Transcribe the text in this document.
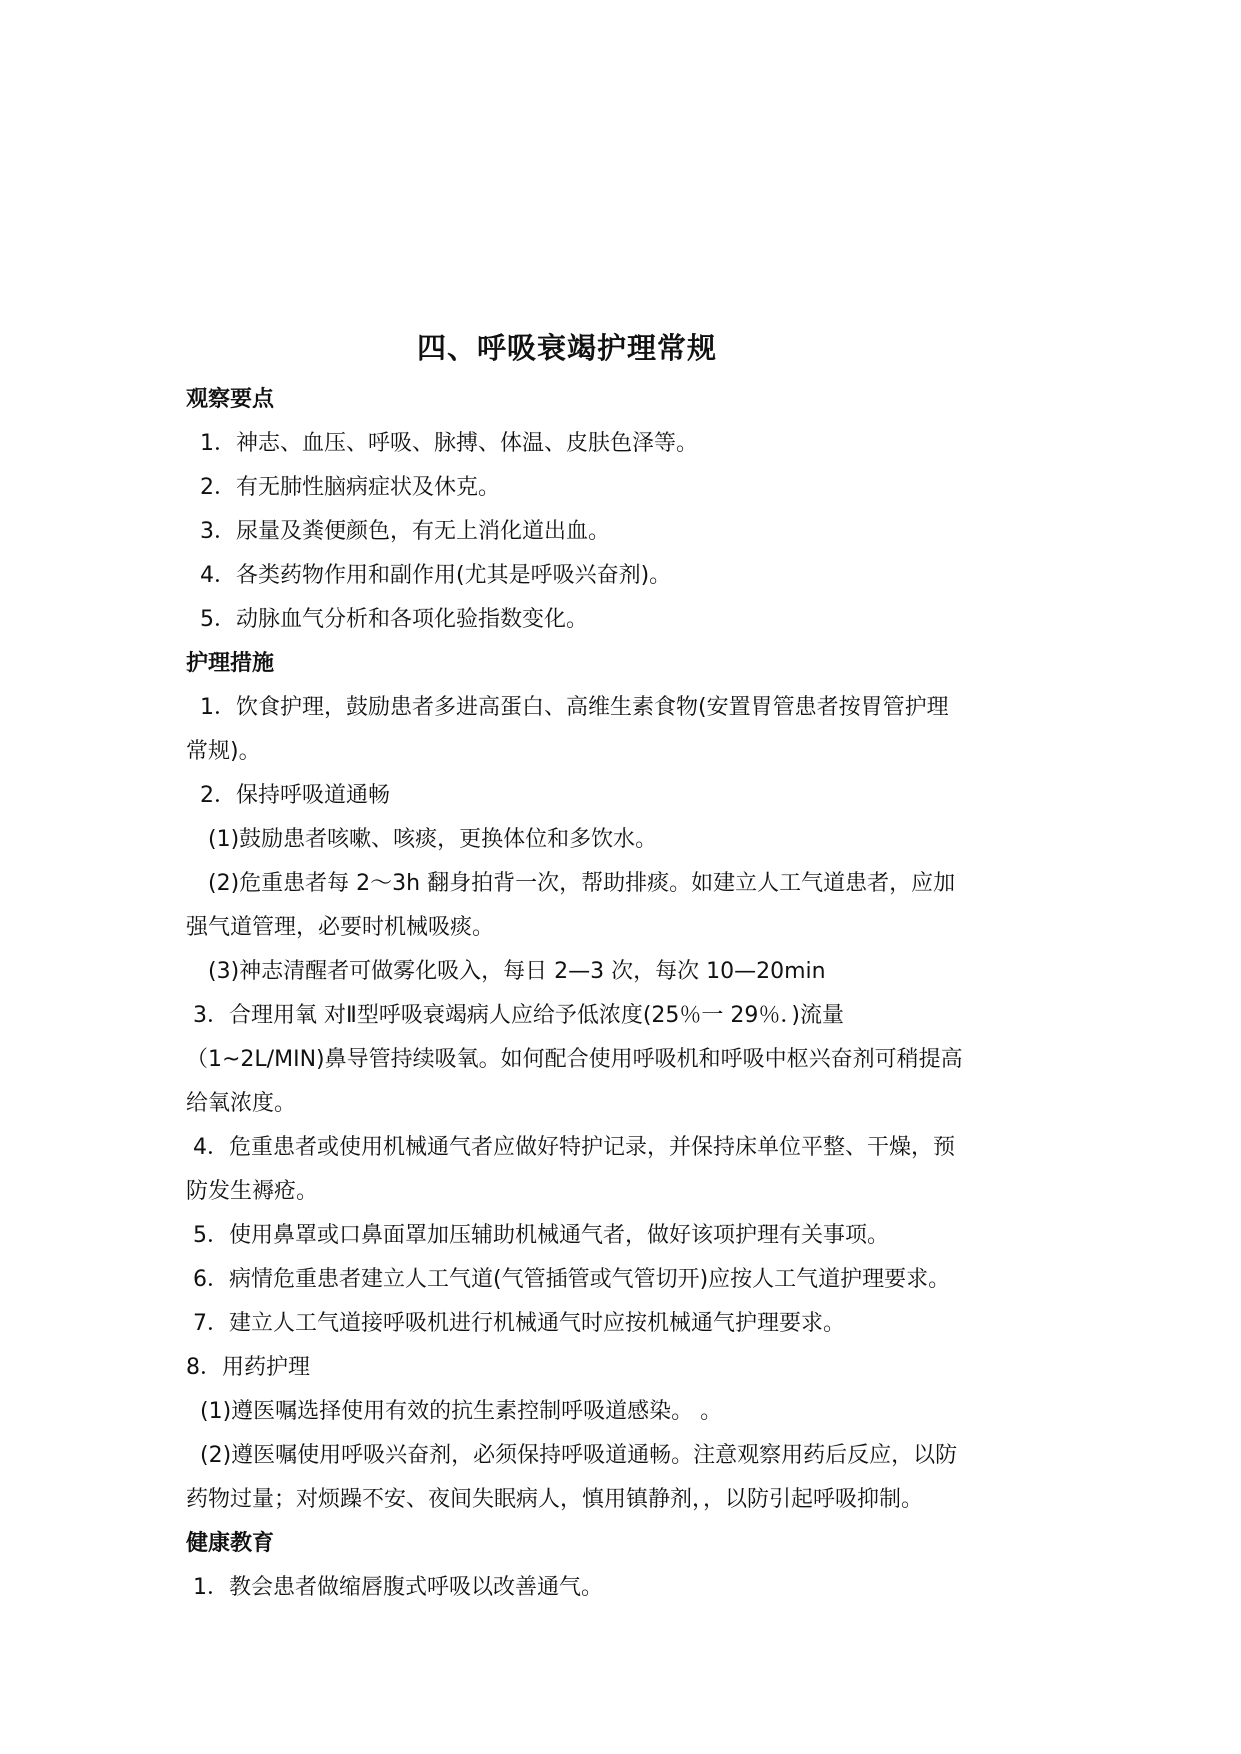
四、呼吸衰竭护理常规

观察要点

1．神志、血压、呼吸、脉搏、体温、皮肤色泽等。

2．有无肺性脑病症状及休克。

3．尿量及粪便颜色，有无上消化道出血。

4．各类药物作用和副作用(尤其是呼吸兴奋剂)。

5．动脉血气分析和各项化验指数变化。

护理措施

1．饮食护理，鼓励患者多进高蛋白、高维生素食物(安置胃管患者按胃管护理

常规)。

2．保持呼吸道通畅

(1)鼓励患者咳嗽、咳痰，更换体位和多饮水。

(2)危重患者每 2～3h 翻身拍背一次，帮助排痰。如建立人工气道患者，应加

强气道管理，必要时机械吸痰。

(3)神志清醒者可做雾化吸入，每日 2—3 次，每次 10—20min

3．合理用氧 对Ⅱ型呼吸衰竭病人应给予低浓度(25％一 29％．)流量

（1~2L/MIN)鼻导管持续吸氧。如何配合使用呼吸机和呼吸中枢兴奋剂可稍提高

给氧浓度。

4．危重患者或使用机械通气者应做好特护记录，并保持床单位平整、干燥，预

防发生褥疮。

5．使用鼻罩或口鼻面罩加压辅助机械通气者，做好该项护理有关事项。

6．病情危重患者建立人工气道(气管插管或气管切开)应按人工气道护理要求。

7．建立人工气道接呼吸机进行机械通气时应按机械通气护理要求。

8．用药护理

(1)遵医嘱选择使用有效的抗生素控制呼吸道感染。 。

(2)遵医嘱使用呼吸兴奋剂，必须保持呼吸道通畅。注意观察用药后反应，以防

药物过量；对烦躁不安、夜间失眠病人，慎用镇静剂，，以防引起呼吸抑制。

健康教育

1．教会患者做缩唇腹式呼吸以改善通气。
